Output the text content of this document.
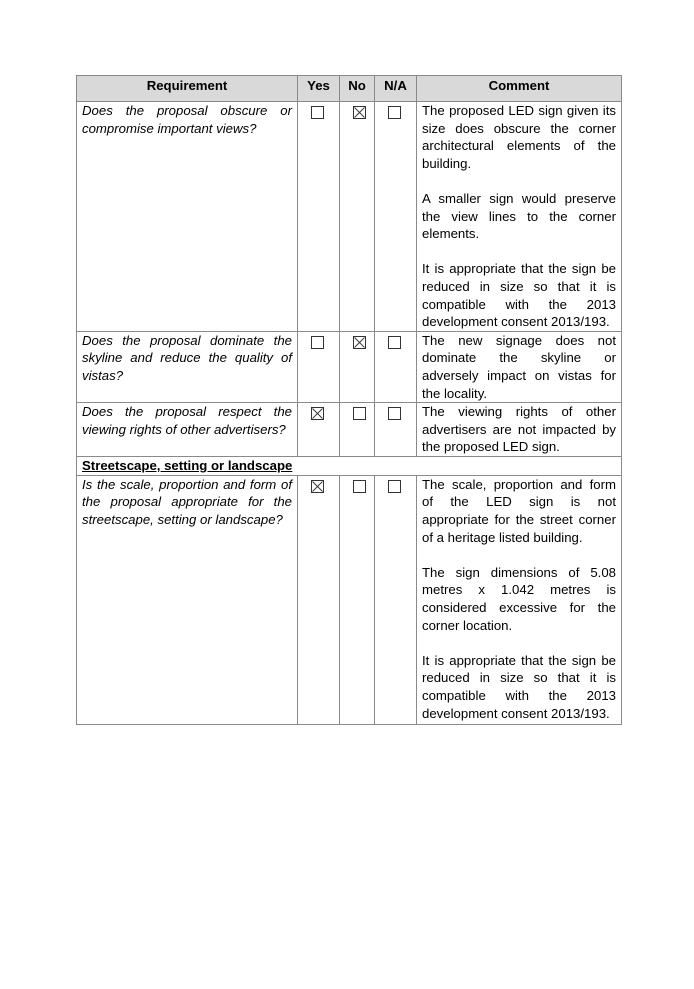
Requirement	Yes	No	N/A	Comment
Does the proposal obscure or compromise important views?				The proposed LED sign given its size does obscure the corner architectural elements of the building.

A smaller sign would preserve the view lines to the corner elements.

It is appropriate that the sign be reduced in size so that it is compatible with the 2013 development consent 2013/193.

Does the proposal dominate the skyline and reduce the quality of vistas?				The new signage does not dominate the skyline or adversely impact on vistas for the locality.

Does the proposal respect the viewing rights of other advertisers?				The viewing rights of other advertisers are not impacted by the proposed LED sign.

Streetscape, setting or landscape				
Is the scale, proportion and form of the proposal appropriate for the streetscape, setting or landscape?				The scale, proportion and form of the LED sign is not appropriate for the street corner of a heritage listed building.

The sign dimensions of 5.08 metres x 1.042 metres is considered excessive for the corner location.

It is appropriate that the sign be reduced in size so that it is compatible with the 2013 development consent 2013/193.
